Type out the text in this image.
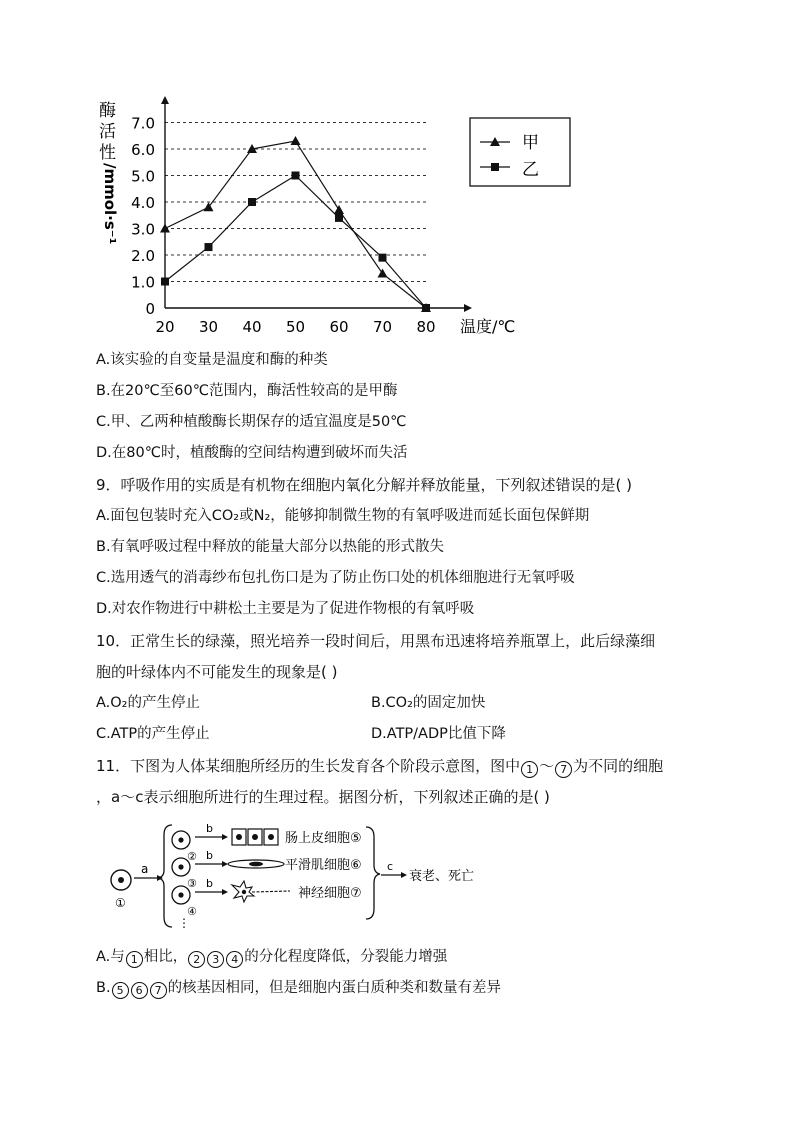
酶
活
性
/mmol·s⁻¹
0
1.0
2.0
3.0
4.0
5.0
6.0
7.0
20 30 40 50 60 70 80 温度/℃
甲
乙
A.该实验的自变量是温度和酶的种类
B.在20℃至60℃范围内，酶活性较高的是甲酶
C.甲、乙两种植酸酶长期保存的适宜温度是50℃
D.在80℃时，植酸酶的空间结构遭到破坏而失活
9．呼吸作用的实质是有机物在细胞内氧化分解并释放能量，下列叙述错误的是( )
A.面包包装时充入CO₂或N₂，能够抑制微生物的有氧呼吸进而延长面包保鲜期
B.有氧呼吸过程中释放的能量大部分以热能的形式散失
C.选用透气的消毒纱布包扎伤口是为了防止伤口处的机体细胞进行无氧呼吸
D.对农作物进行中耕松土主要是为了促进作物根的有氧呼吸
10．正常生长的绿藻，照光培养一段时间后，用黑布迅速将培养瓶罩上，此后绿藻细
胞的叶绿体内不可能发生的现象是( )
A.O₂的产生停止	B.CO₂的固定加快
C.ATP的产生停止	D.ATP/ADP比值下降
11．下图为人体某细胞所经历的生长发育各个阶段示意图，图中 1 ～ 7 为不同的细胞
，a～c表示细胞所进行的生理过程。据图分析，下列叙述正确的是( )
①
a
②
③
④
⋮
b
b
b
肠上皮细胞⑤
平滑肌细胞⑥
神经细胞⑦
c
衰老、死亡
A.与 1 相比， 2 3 4 的分化程度降低，分裂能力增强
B. 5 6 7 的核基因相同，但是细胞内蛋白质种类和数量有差异
